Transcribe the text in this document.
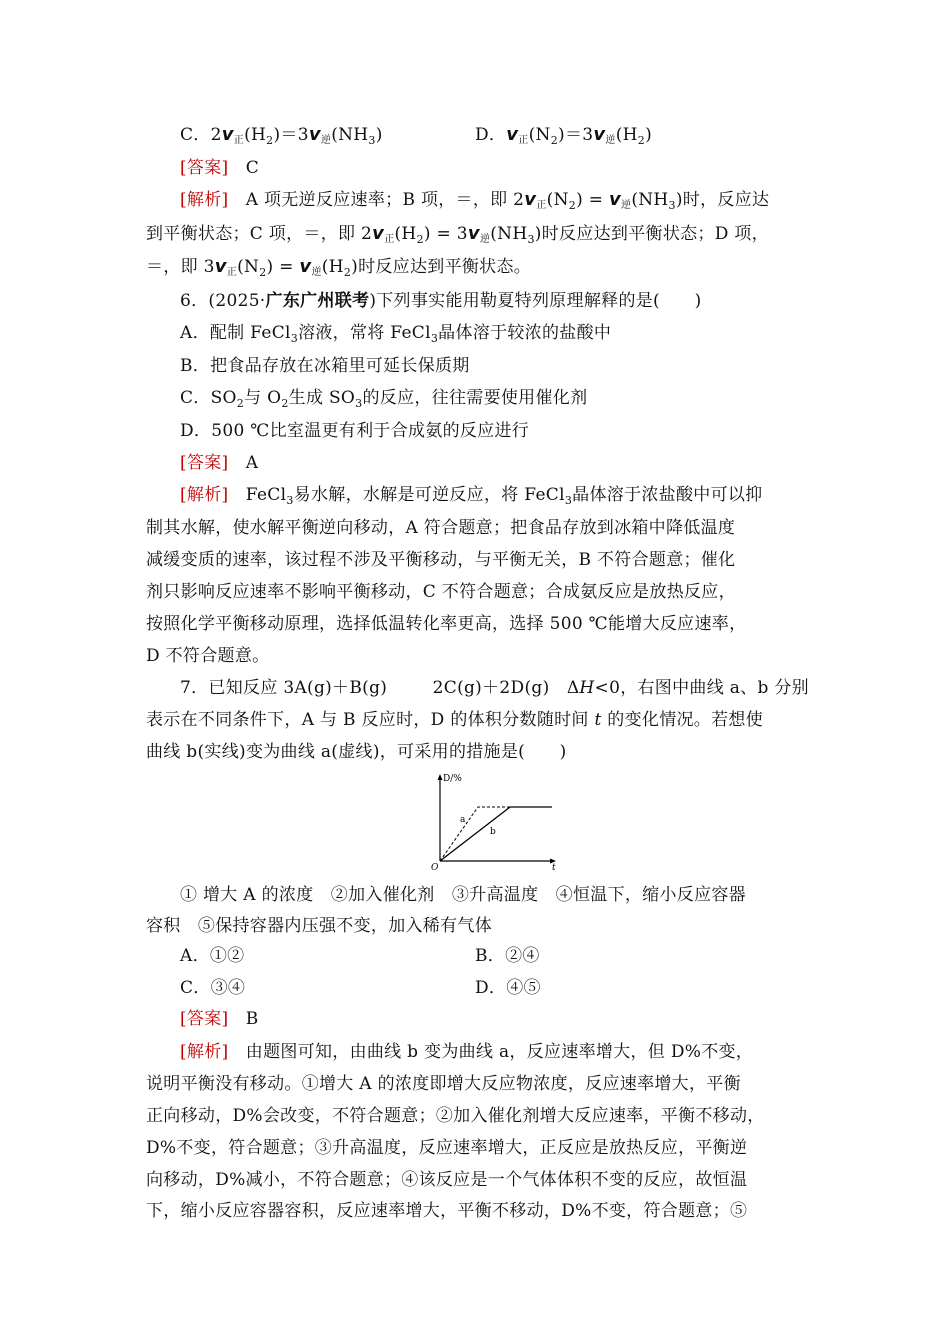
C．$2v_正(H_2)=3v_逆(NH_3)$	D．$v_正(N_2)=3v_逆(H_2)$
[答案]　 C
[解析]　 A 项无逆反应速率；B 项，＝，即 $2v_正(N_2) = v_逆(NH_3)$时，反应达
到平衡状态；C 项，＝，即 $2v_正(H_2) = 3v_逆(NH_3)$时反应达到平衡状态；D 项，
＝，即 $3v_正(N_2) = v_逆(H_2)$时反应达到平衡状态。
6．(2025·广东广州联考)下列事实能用勒夏特列原理解释的是(　　)
A．配制 FeCl$_3$溶液，常将 FeCl$_3$晶体溶于较浓的盐酸中
B．把食品存放在冰箱里可延长保质期
C．$SO_2$与 $O_2$生成 $SO_3$的反应，往往需要使用催化剂
D．500 ℃比室温更有利于合成氨的反应进行
[答案]　 A
[解析]　 FeCl$_3$易水解，水解是可逆反应，将 FeCl$_3$晶体溶于浓盐酸中可以抑
制其水解，使水解平衡逆向移动，A 符合题意；把食品存放到冰箱中降低温度
减缓变质的速率，该过程不涉及平衡移动，与平衡无关，B 不符合题意；催化
剂只影响反应速率不影响平衡移动，C 不符合题意；合成氨反应是放热反应，
按照化学平衡移动原理，选择低温转化率更高，选择 500 ℃能增大反应速率，
D 不符合题意。
7．已知反应 3A(g)＋B(g)	2C(g)＋2D(g)　 ΔH<0，右图中曲线 a、b 分别
表示在不同条件下，A 与 B 反应时，D 的体积分数随时间 t 的变化情况。若想使
曲线 b(实线)变为曲线 a(虚线)，可采用的措施是(　　)
D/%
t
O
a
b
① 增大 A 的浓度　②加入催化剂　③升高温度　④恒温下，缩小反应容器
容积　⑤保持容器内压强不变，加入稀有气体
A．①②	B．②④
C．③④	D．④⑤
[答案]　 B
[解析]　 由题图可知，由曲线 b 变为曲线 a，反应速率增大，但 D%不变，
说明平衡没有移动。①增大 A 的浓度即增大反应物浓度，反应速率增大，平衡
正向移动，D%会改变，不符合题意；②加入催化剂增大反应速率，平衡不移动，
D%不变，符合题意；③升高温度，反应速率增大，正反应是放热反应，平衡逆
向移动，D%减小，不符合题意；④该反应是一个气体体积不变的反应，故恒温
下，缩小反应容器容积，反应速率增大，平衡不移动，D%不变，符合题意；⑤
